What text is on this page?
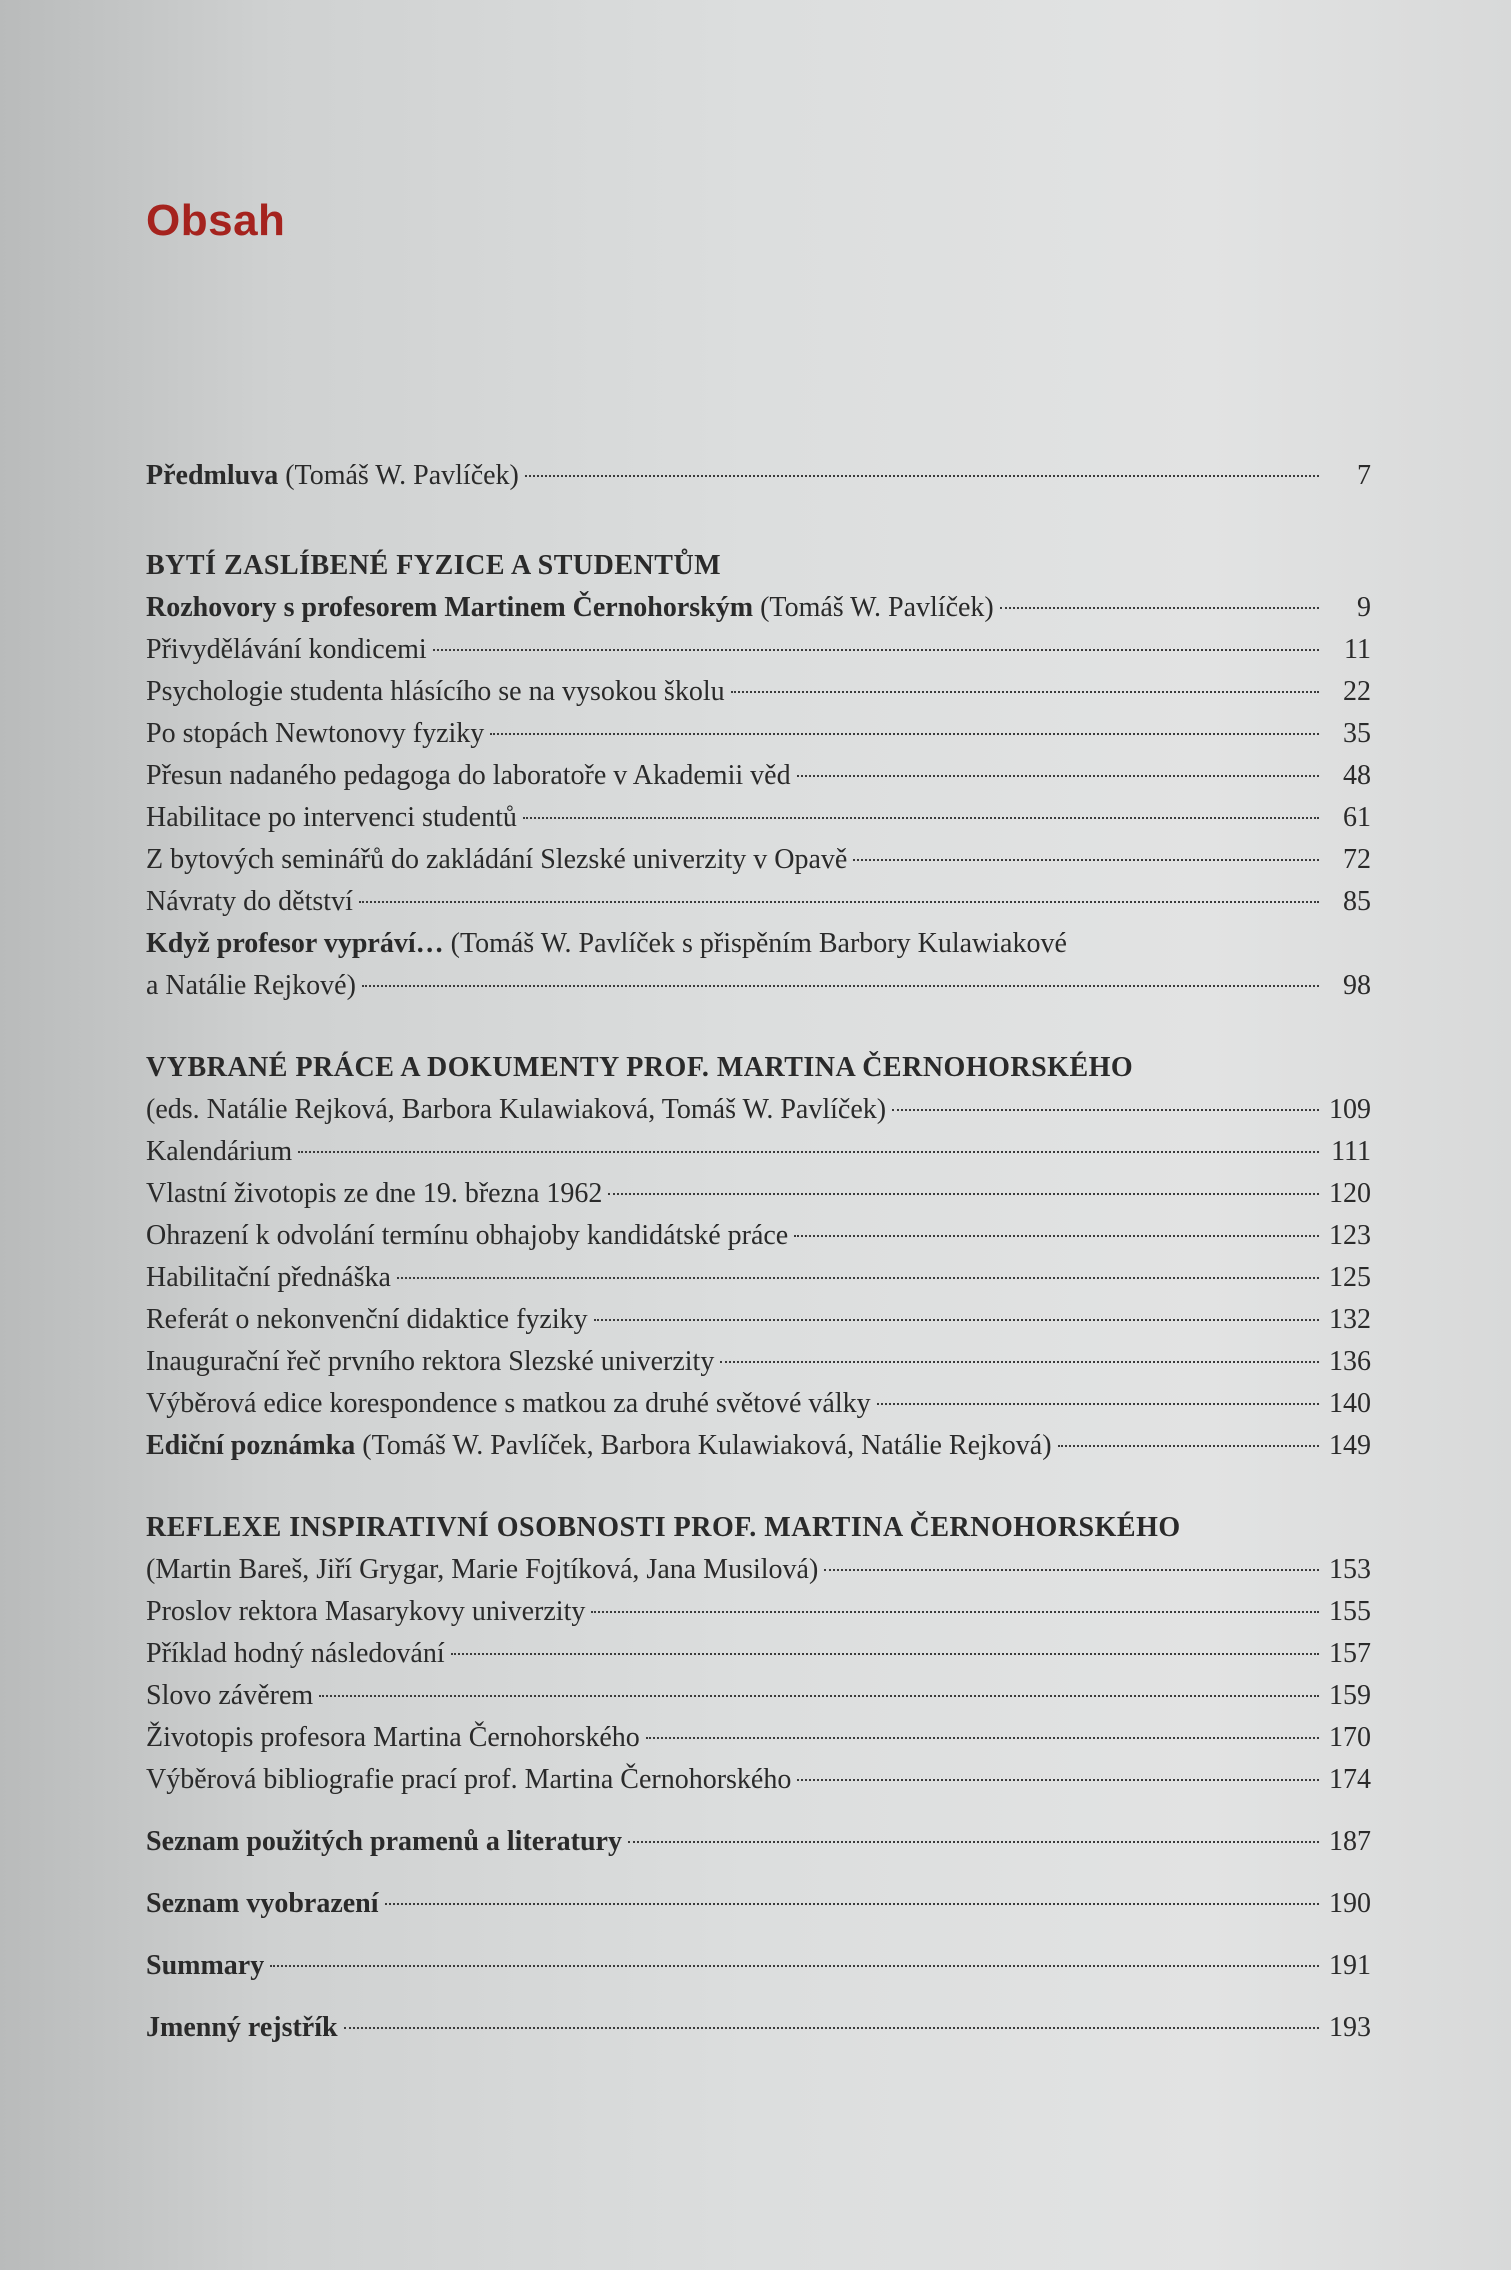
Obsah
Předmluva (Tomáš W. Pavlíček)	7
BYTÍ ZASLÍBENÉ FYZICE A STUDENTŮM
Rozhovory s profesorem Martinem Černohorským (Tomáš W. Pavlíček)	9
Přivydělávání kondicemi	11
Psychologie studenta hlásícího se na vysokou školu	22
Po stopách Newtonovy fyziky	35
Přesun nadaného pedagoga do laboratoře v Akademii věd	48
Habilitace po intervenci studentů	61
Z bytových seminářů do zakládání Slezské univerzity v Opavě	72
Návraty do dětství	85
Když profesor vypráví… (Tomáš W. Pavlíček s přispěním Barbory Kulawiakové
a Natálie Rejkové)	98
VYBRANÉ PRÁCE A DOKUMENTY PROF. MARTINA ČERNOHORSKÉHO
(eds. Natálie Rejková, Barbora Kulawiaková, Tomáš W. Pavlíček)	109
Kalendárium	111
Vlastní životopis ze dne 19. března 1962	120
Ohrazení k odvolání termínu obhajoby kandidátské práce	123
Habilitační přednáška	125
Referát o nekonvenční didaktice fyziky	132
Inaugurační řeč prvního rektora Slezské univerzity	136
Výběrová edice korespondence s matkou za druhé světové války	140
Ediční poznámka (Tomáš W. Pavlíček, Barbora Kulawiaková, Natálie Rejková)	149
REFLEXE INSPIRATIVNÍ OSOBNOSTI PROF. MARTINA ČERNOHORSKÉHO
(Martin Bareš, Jiří Grygar, Marie Fojtíková, Jana Musilová)	153
Proslov rektora Masarykovy univerzity	155
Příklad hodný následování	157
Slovo závěrem	159
Životopis profesora Martina Černohorského	170
Výběrová bibliografie prací prof. Martina Černohorského	174
Seznam použitých pramenů a literatury	187
Seznam vyobrazení	190
Summary	191
Jmenný rejstřík	193
